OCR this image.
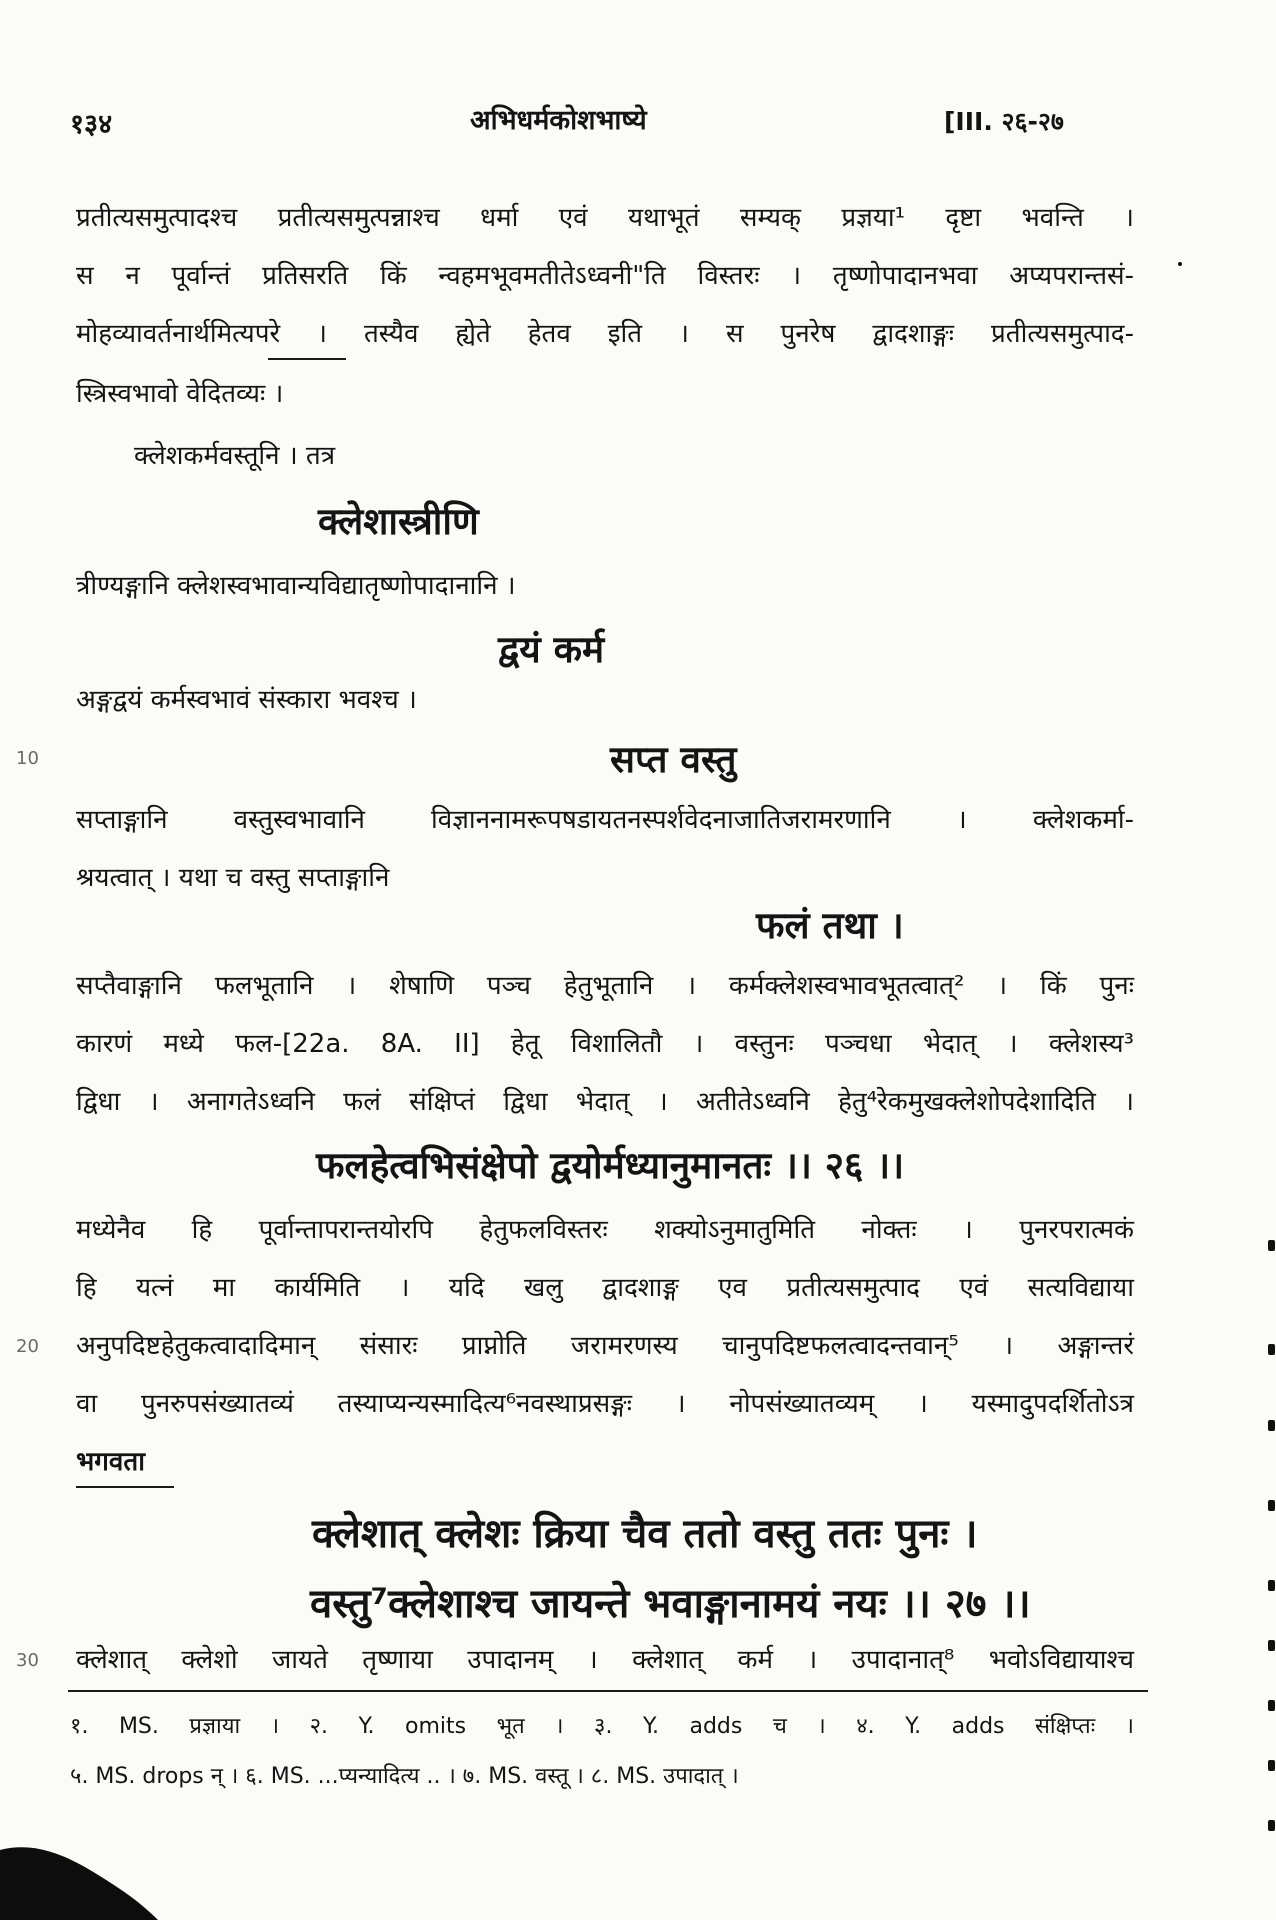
१३४	अभिधर्मकोशभाष्ये	[III. २६-२७
प्रतीत्यसमुत्पादश्च प्रतीत्यसमुत्पन्नाश्च धर्मा एवं यथाभूतं सम्यक् प्रज्ञया¹ दृष्टा भवन्ति ।
स न पूर्वान्तं प्रतिसरति किं न्वहमभूवमतीतेऽध्वनी"ति विस्तरः । तृष्णोपादानभवा अप्यपरान्तसं-
मोहव्यावर्तनार्थमित्यपरे । तस्यैव ह्येते हेतव इति । स पुनरेष द्वादशाङ्गः प्रतीत्यसमुत्पाद-
स्त्रिस्वभावो वेदितव्यः ।
क्लेशकर्मवस्तूनि । तत्र
क्लेशास्त्रीणि
त्रीण्यङ्गानि क्लेशस्वभावान्यविद्यातृष्णोपादानानि ।
द्वयं कर्म
अङ्गद्वयं कर्मस्वभावं संस्कारा भवश्च ।
10	सप्त वस्तु
सप्ताङ्गानि वस्तुस्वभावानि विज्ञाननामरूपषडायतनस्पर्शवेदनाजातिजरामरणानि । क्लेशकर्मा-
श्रयत्वात् । यथा च वस्तु सप्ताङ्गानि
फलं तथा ।
सप्तैवाङ्गानि फलभूतानि । शेषाणि पञ्च हेतुभूतानि । कर्मक्लेशस्वभावभूतत्वात्² । किं पुनः
कारणं मध्ये फल-[22a. 8A. II] हेतू विशालितौ । वस्तुनः पञ्चधा भेदात् । क्लेशस्य³
द्विधा । अनागतेऽध्वनि फलं संक्षिप्तं द्विधा भेदात् । अतीतेऽध्वनि हेतु⁴रेकमुखक्लेशोपदेशादिति ।
फलहेत्वभिसंक्षेपो द्वयोर्मध्यानुमानतः ।। २६ ।।
मध्येनैव हि पूर्वान्तापरान्तयोरपि हेतुफलविस्तरः शक्योऽनुमातुमिति नोक्तः । पुनरपरात्मकं
हि यत्नं मा कार्यमिति । यदि खलु द्वादशाङ्ग एव प्रतीत्यसमुत्पाद एवं सत्यविद्याया
20 अनुपदिष्टहेतुकत्वादादिमान् संसारः प्राप्नोति जरामरणस्य चानुपदिष्टफलत्वादन्तवान्⁵ । अङ्गान्तरं
वा पुनरुपसंख्यातव्यं तस्याप्यन्यस्मादित्य⁶नवस्थाप्रसङ्गः । नोपसंख्यातव्यम् । यस्मादुपदर्शितोऽत्र
भगवता
क्लेशात् क्लेशः क्रिया चैव ततो वस्तु ततः पुनः ।
वस्तु⁷क्लेशाश्च जायन्ते भवाङ्गानामयं नयः ।। २७ ।।
30 क्लेशात् क्लेशो जायते तृष्णाया उपादानम् । क्लेशात् कर्म । उपादानात्⁸ भवोऽविद्यायाश्च
१. MS. प्रज्ञाया । २. Y. omits भूत । ३. Y. adds च । ४. Y. adds संक्षिप्तः ।
५. MS. drops न् । ६. MS. ...प्यन्यादित्य .. । ७. MS. वस्तू । ८. MS. उपादात् ।
